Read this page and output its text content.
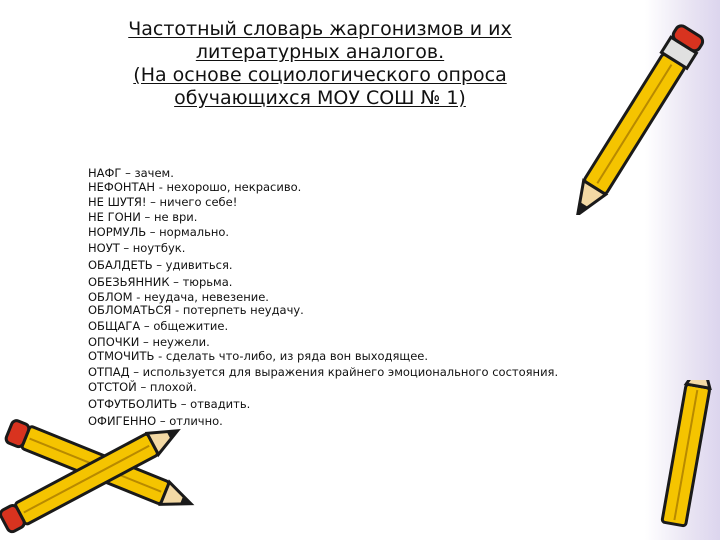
Частотный словарь жаргонизмов и их
литературных аналогов.
(На основе социологического опроса
обучающихся МОУ СОШ № 1)
НАФГ – зачем.
НЕФОНТАН - нехорошо, некрасиво.
НЕ ШУТЯ! – ничего себе!
НЕ ГОНИ – не ври.
НОРМУЛЬ – нормально.
НОУТ – ноутбук.
ОБАЛДЕТЬ – удивиться.
ОБЕЗЬЯННИК – тюрьма.
ОБЛОМ - неудача, невезение.
ОБЛОМАТЬСЯ - потерпеть неудачу.
ОБЩАГА – общежитие.
ОПОЧКИ – неужели.
ОТМОЧИТЬ - сделать что-либо, из ряда вон выходящее.
ОТПАД – используется для выражения крайнего эмоционального состояния.
ОТСТОЙ – плохой.
ОТФУТБОЛИТЬ – отвадить.
ОФИГЕННО – отлично.
